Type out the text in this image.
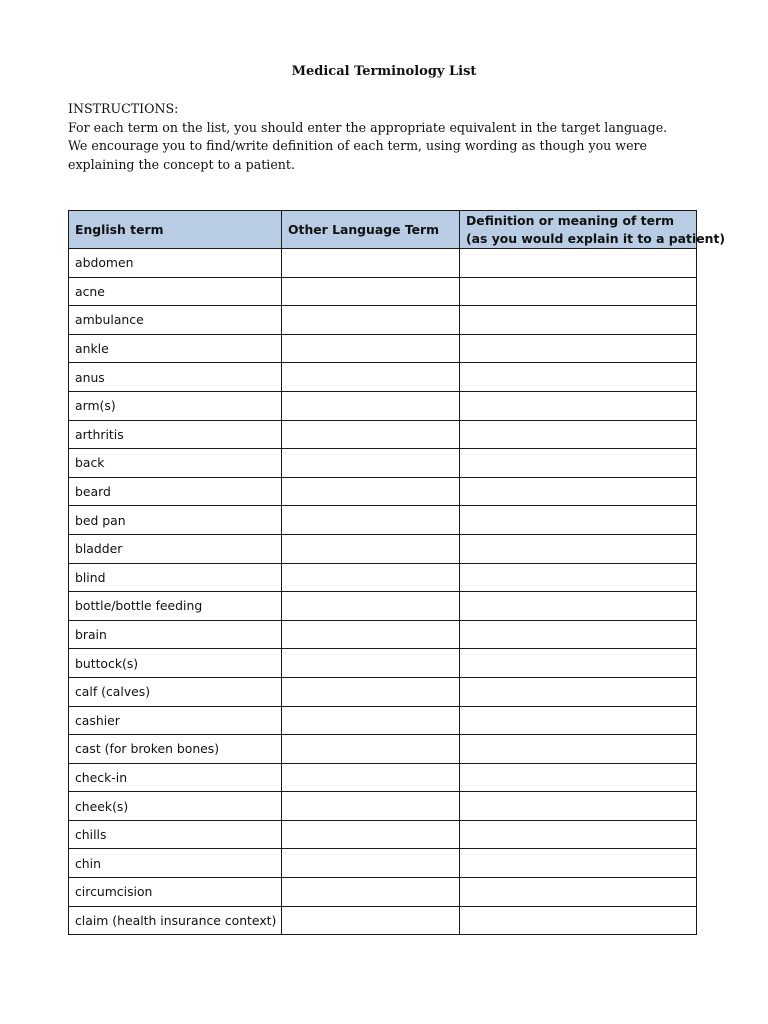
Medical Terminology List
INSTRUCTIONS:
For each term on the list, you should enter the appropriate equivalent in the target language.
We encourage you to find/write definition of each term, using wording as though you were
explaining the concept to a patient.
English term	Other Language Term	Definition or meaning of term
(as you would explain it to a patient)

abdomen		
acne		
ambulance		
ankle		
anus		
arm(s)		
arthritis		
back		
beard		
bed pan		
bladder		
blind		
bottle/bottle feeding		
brain		
buttock(s)		
calf (calves)		
cashier		
cast (for broken bones)		
check-in		
cheek(s)		
chills		
chin		
circumcision		
claim (health insurance context)		
